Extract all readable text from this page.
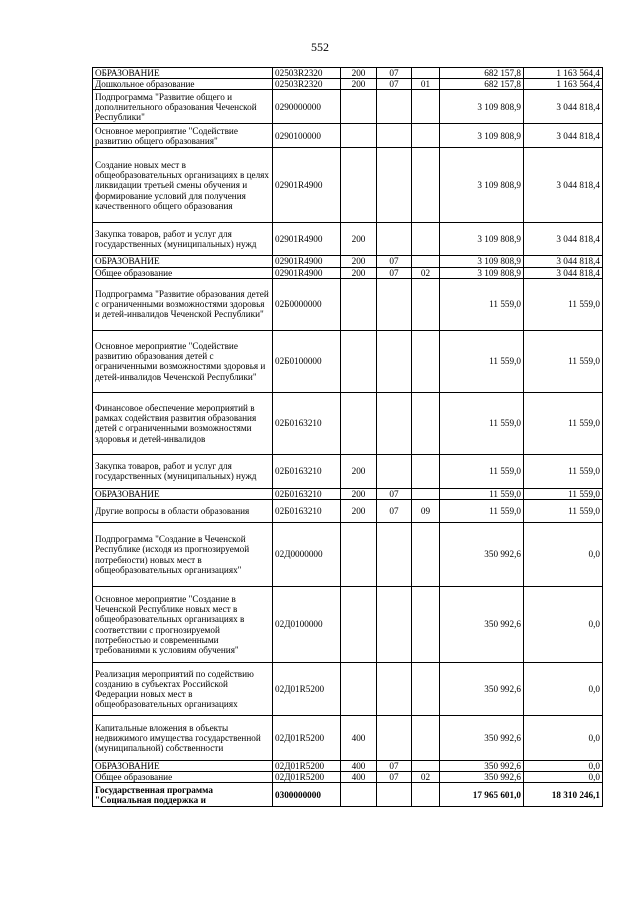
552
ОБРАЗОВАНИЕ	02503R2320	200	07		682 157,8	1 163 564,4
Дошкольное образование	02503R2320	200	07	01	682 157,8	1 163 564,4
Подпрограмма "Развитие общего и дополнительного образования Чеченской Республики"	0290000000				3 109 808,9	3 044 818,4
Основное мероприятие "Содействие развитию общего образования"	0290100000				3 109 808,9	3 044 818,4
Создание новых мест в общеобразовательных организациях в целях ликвидации третьей смены обучения и формирование условий для получения качественного общего образования	02901R4900				3 109 808,9	3 044 818,4
Закупка товаров, работ и услуг для государственных (муниципальных) нужд	02901R4900	200			3 109 808,9	3 044 818,4
ОБРАЗОВАНИЕ	02901R4900	200	07		3 109 808,9	3 044 818,4
Общее образование	02901R4900	200	07	02	3 109 808,9	3 044 818,4
Подпрограмма "Развитие образования детей с ограниченными возможностями здоровья и детей-инвалидов Чеченской Республики"	02Б0000000				11 559,0	11 559,0
Основное мероприятие "Содействие развитию образования детей с ограниченными возможностями здоровья и детей-инвалидов Чеченской Республики"	02Б0100000				11 559,0	11 559,0
Финансовое обеспечение мероприятий в рамках содействия развития образования детей с ограниченными возможностями здоровья и детей-инвалидов	02Б0163210				11 559,0	11 559,0
Закупка товаров, работ и услуг для государственных (муниципальных) нужд	02Б0163210	200			11 559,0	11 559,0
ОБРАЗОВАНИЕ	02Б0163210	200	07		11 559,0	11 559,0
Другие вопросы в области образования	02Б0163210	200	07	09	11 559,0	11 559,0
Подпрограмма "Создание в Чеченской Республике (исходя из прогнозируемой потребности) новых мест в общеобразовательных организациях"	02Д0000000				350 992,6	0,0
Основное мероприятие "Создание в Чеченской Республике новых мест в общеобразовательных организациях в соответствии с прогнозируемой потребностью и современными требованиями к условиям обучения"	02Д0100000				350 992,6	0,0
Реализация мероприятий по содействию созданию в субъектах Российской Федерации новых мест в общеобразовательных организациях	02Д01R5200				350 992,6	0,0
Капитальные вложения в объекты недвижимого имущества государственной (муниципальной) собственности	02Д01R5200	400			350 992,6	0,0
ОБРАЗОВАНИЕ	02Д01R5200	400	07		350 992,6	0,0
Общее образование	02Д01R5200	400	07	02	350 992,6	0,0
Государственная программа "Социальная поддержка и	0300000000				17 965 601,0	18 310 246,1
